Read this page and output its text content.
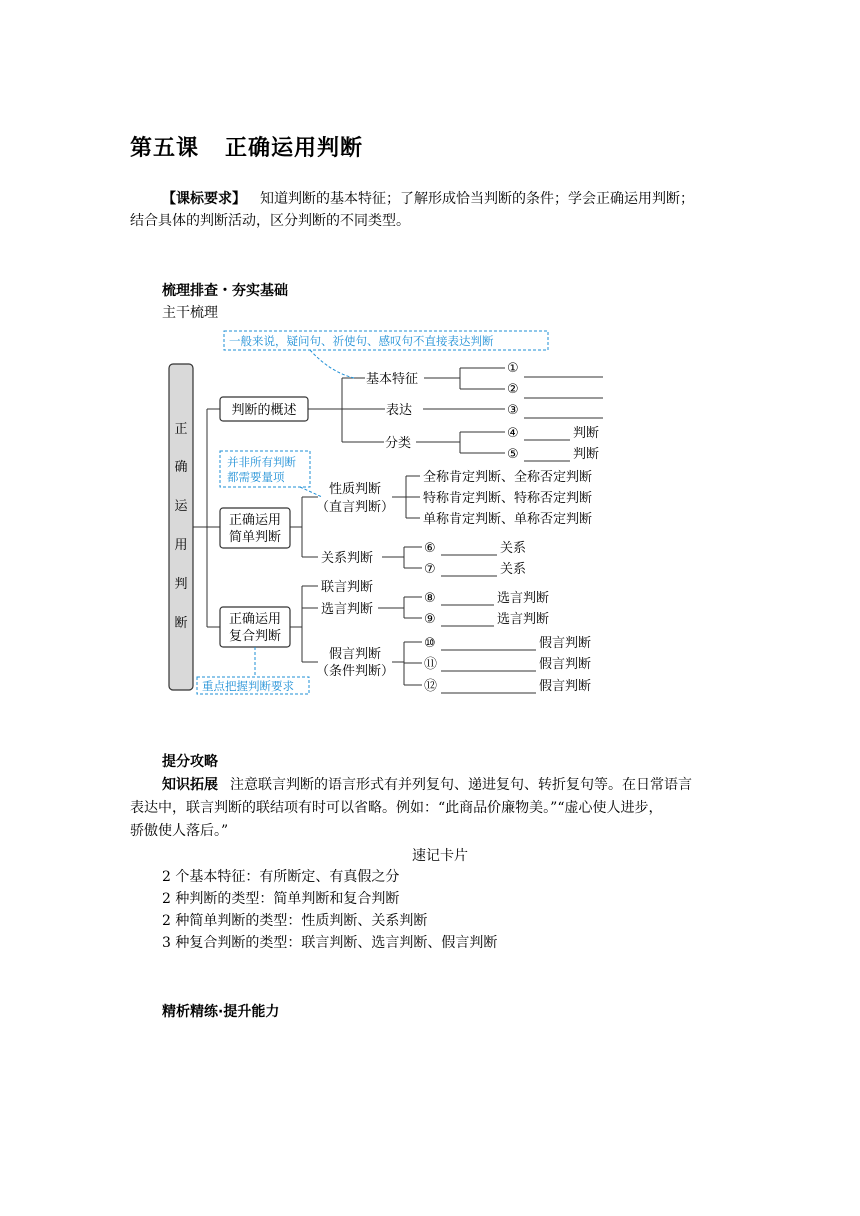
第五课 正确运用判断
【课标要求】 知道判断的基本特征；了解形成恰当判断的条件；学会正确运用判断；
结合具体的判断活动，区分判断的不同类型。
梳理排查・夯实基础
主干梳理
正
确
运
用
判
断
判断的概述
正确运用
简单判断
正确运用
复合判断
基本特征
表达
分类
①
②
③
④
⑤
判断
判断
性质判断
（直言判断）
全称肯定判断、全称否定判断
特称肯定判断、特称否定判断
单称肯定判断、单称否定判断
关系判断
⑥
⑦
关系
关系
联言判断
选言判断
⑧
⑨
选言判断
选言判断
假言判断
（条件判断）
⑩
⑪
⑫
假言判断
假言判断
假言判断
一般来说，疑问句、祈使句、感叹句不直接表达判断
并非所有判断
都需要量项
重点把握判断要求
提分攻略
知识拓展 注意联言判断的语言形式有并列复句、递进复句、转折复句等。在日常语言
表达中，联言判断的联结项有时可以省略。例如：“此商品价廉物美。”“虚心使人进步，
骄傲使人落后。”
速记卡片
2 个基本特征：有所断定、有真假之分
2 种判断的类型：简单判断和复合判断
2 种简单判断的类型：性质判断、关系判断
3 种复合判断的类型：联言判断、选言判断、假言判断
精析精练·提升能力
